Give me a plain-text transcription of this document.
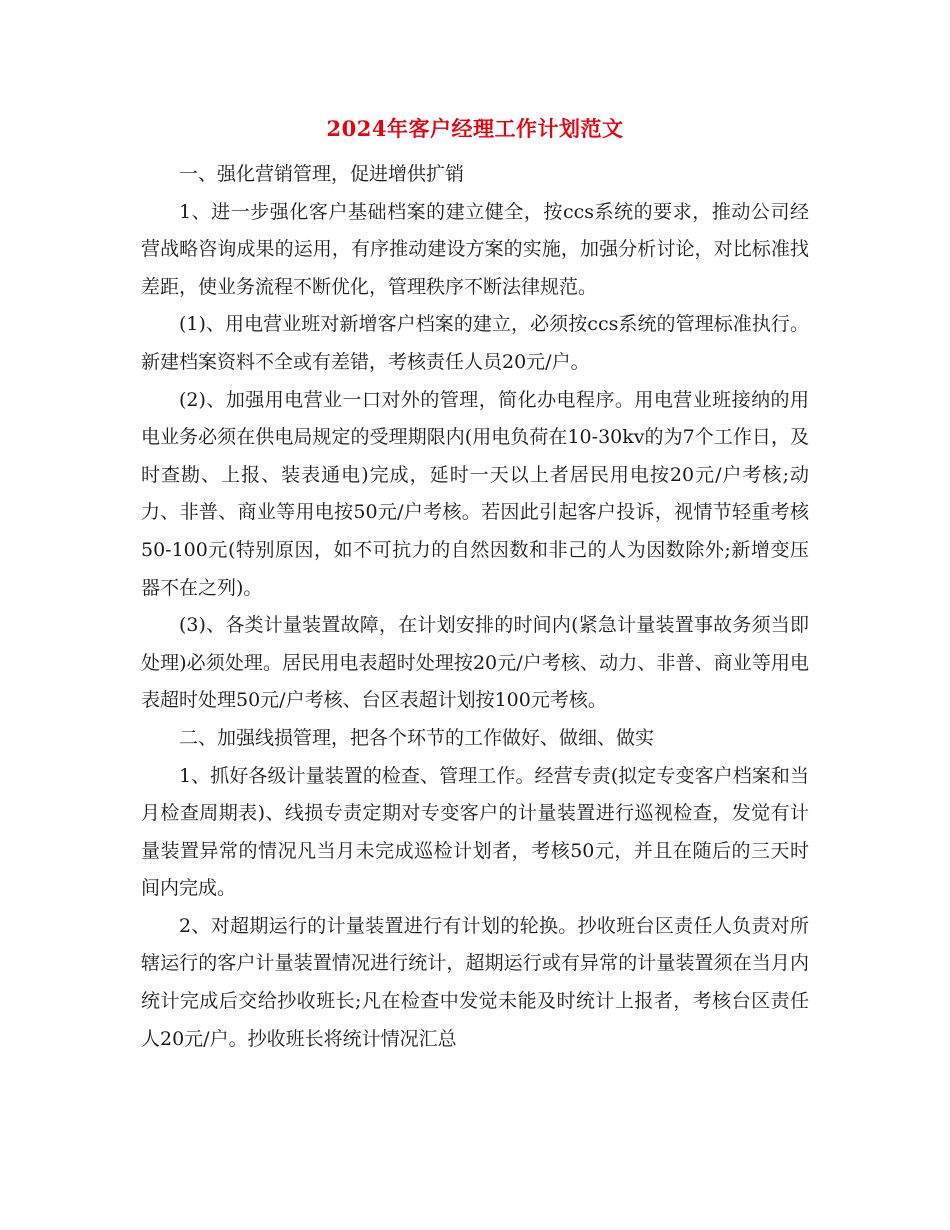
2024年客户经理工作计划范文

一、强化营销管理，促进增供扩销

1、进一步强化客户基础档案的建立健全，按ccs系统的要求，推动公司经营战略咨询成果的运用，有序推动建设方案的实施，加强分析讨论，对比标准找差距，使业务流程不断优化，管理秩序不断法律规范。

(1)、用电营业班对新增客户档案的建立，必须按ccs系统的管理标准执行。新建档案资料不全或有差错，考核责任人员20元/户。

(2)、加强用电营业一口对外的管理，简化办电程序。用电营业班接纳的用电业务必须在供电局规定的受理期限内(用电负荷在10-30kv的为7个工作日，及时查勘、上报、装表通电)完成，延时一天以上者居民用电按20元/户考核;动力、非普、商业等用电按50元/户考核。若因此引起客户投诉，视情节轻重考核50-100元(特别原因，如不可抗力的自然因数和非己的人为因数除外;新增变压器不在之列)。

(3)、各类计量装置故障，在计划安排的时间内(紧急计量装置事故务须当即处理)必须处理。居民用电表超时处理按20元/户考核、动力、非普、商业等用电表超时处理50元/户考核、台区表超计划按100元考核。

二、加强线损管理，把各个环节的工作做好、做细、做实

1、抓好各级计量装置的检查、管理工作。经营专责(拟定专变客户档案和当月检查周期表)、线损专责定期对专变客户的计量装置进行巡视检查，发觉有计量装置异常的情况凡当月未完成巡检计划者，考核50元，并且在随后的三天时间内完成。

2、对超期运行的计量装置进行有计划的轮换。抄收班台区责任人负责对所辖运行的客户计量装置情况进行统计，超期运行或有异常的计量装置须在当月内统计完成后交给抄收班长;凡在检查中发觉未能及时统计上报者，考核台区责任人20元/户。抄收班长将统计情况汇总
